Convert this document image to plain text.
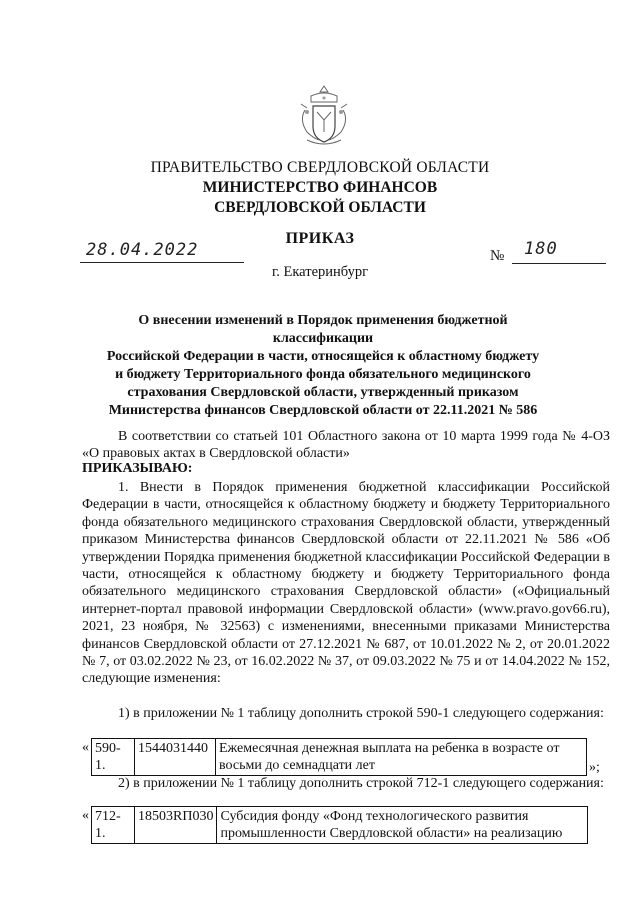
ПРАВИТЕЛЬСТВО СВЕРДЛОВСКОЙ ОБЛАСТИ
МИНИСТЕРСТВО ФИНАНСОВ
СВЕРДЛОВСКОЙ ОБЛАСТИ
ПРИКАЗ
28.04.2022	№ 180
г. Екатеринбург
О внесении изменений в Порядок применения бюджетной классификации
Российской Федерации в части, относящейся к областному бюджету
и бюджету Территориального фонда обязательного медицинского
страхования Свердловской области, утвержденный приказом
Министерства финансов Свердловской области от 22.11.2021 № 586

В соответствии со статьей 101 Областного закона от 10 марта 1999 года № 4-ОЗ «О правовых актах в Свердловской области»

ПРИКАЗЫВАЮ:

1. Внести в Порядок применения бюджетной классификации Российской Федерации в части, относящейся к областному бюджету и бюджету Территориального фонда обязательного медицинского страхования Свердловской области, утвержденный приказом Министерства финансов Свердловской области от 22.11.2021 № 586 «Об утверждении Порядка применения бюджетной классификации Российской Федерации в части, относящейся к областному бюджету и бюджету Территориального фонда обязательного медицинского страхования Свердловской области» («Официальный интернет-портал правовой информации Свердловской области» (www.pravo.gov66.ru), 2021, 23 ноября, № 32563) с изменениями, внесенными приказами Министерства финансов Свердловской области от 27.12.2021 № 687, от 10.01.2022 № 2, от 20.01.2022 № 7, от 03.02.2022 № 23, от 16.02.2022 № 37, от 09.03.2022 № 75 и от 14.04.2022 № 152, следующие изменения:

1) в приложении № 1 таблицу дополнить строкой 590-1 следующего содержания:

«	590-1.	1544031440	Ежемесячная денежная выплата на ребенка в возрасте от восьми до семнадцати лет	»;

2) в приложении № 1 таблицу дополнить строкой 712-1 следующего содержания:

«	712-1.	18503RП030	Субсидия фонду «Фонд технологического развития промышленности Свердловской области» на реализацию
